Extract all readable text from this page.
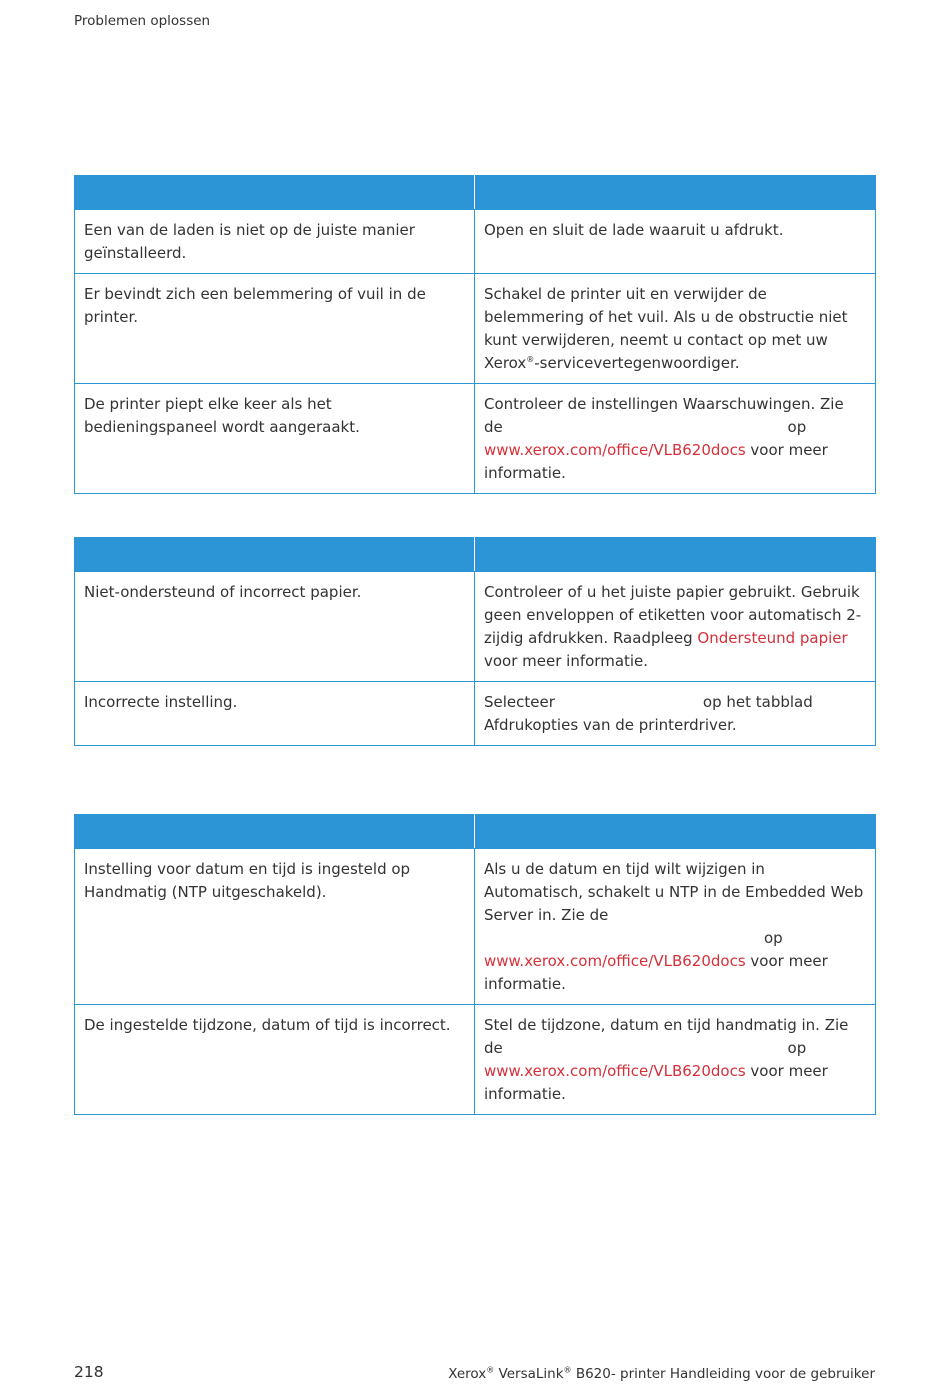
Problemen oplossen

Een van de laden is niet op de juiste manier geïnstalleerd.	Open en sluit de lade waaruit u afdrukt.
Er bevindt zich een belemmering of vuil in de printer.	Schakel de printer uit en verwijder de belemmering of het vuil. Als u de obstructie niet kunt verwijderen, neemt u contact op met uw Xerox®-servicevertegenwoordiger.
De printer piept elke keer als het bedieningspaneel wordt aangeraakt.	Controleer de instellingen Waarschuwingen. Zie de op www.xerox.com/office/VLB620docs voor meer informatie.

Niet-ondersteund of incorrect papier.	Controleer of u het juiste papier gebruikt. Gebruik geen enveloppen of etiketten voor automatisch 2-zijdig afdrukken. Raadpleeg Ondersteund papier voor meer informatie.
Incorrecte instelling.	Selecteer op het tabblad Afdrukopties van de printerdriver.

Instelling voor datum en tijd is ingesteld op Handmatig (NTP uitgeschakeld).	Als u de datum en tijd wilt wijzigen in Automatisch, schakelt u NTP in de Embedded Web Server in. Zie de op www.xerox.com/office/VLB620docs voor meer informatie.
De ingestelde tijdzone, datum of tijd is incorrect.	Stel de tijdzone, datum en tijd handmatig in. Zie de op www.xerox.com/office/VLB620docs voor meer informatie.
218	Xerox® VersaLink® B620- printer Handleiding voor de gebruiker
